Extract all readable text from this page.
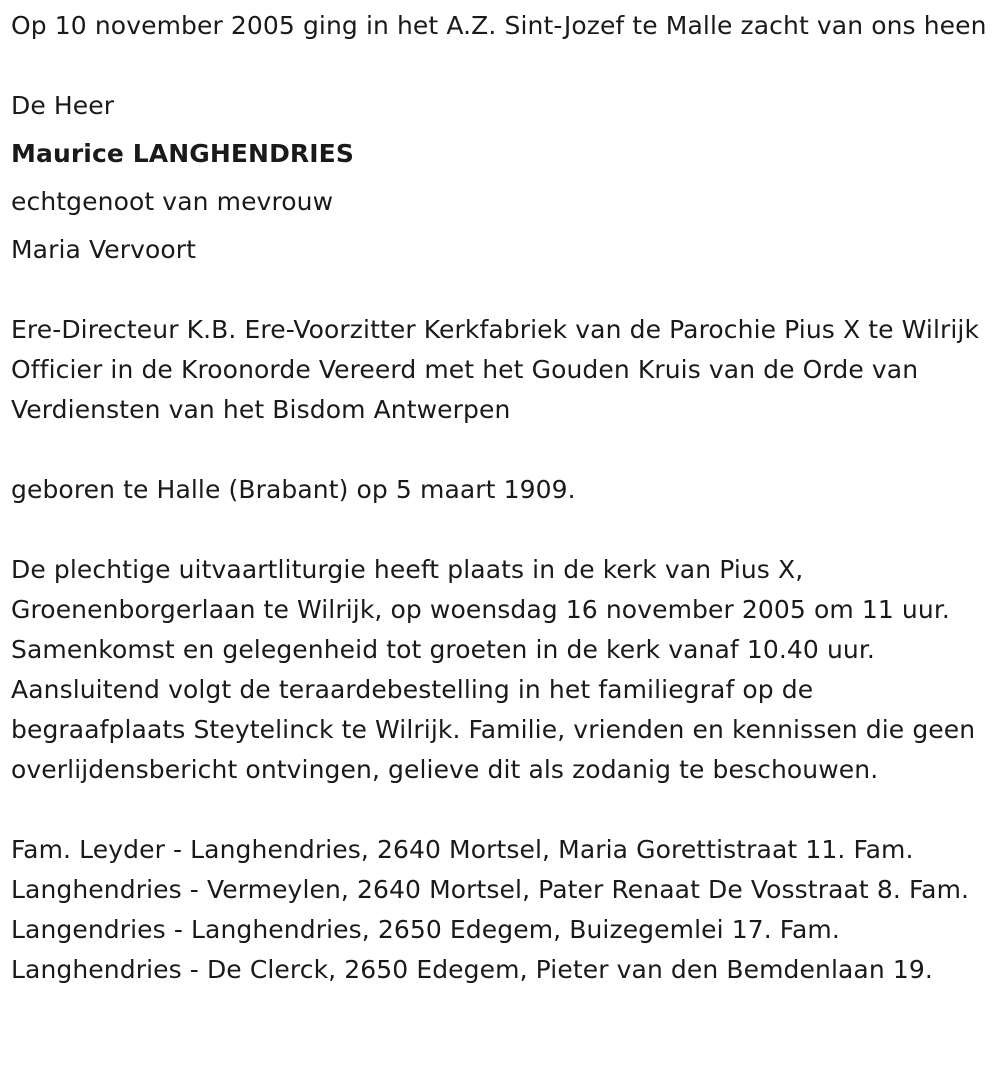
Op 10 november 2005 ging in het A.Z. Sint-Jozef te Malle zacht van ons heen

De Heer

Maurice LANGHENDRIES

echtgenoot van mevrouw

Maria Vervoort

Ere-Directeur K.B. Ere-Voorzitter Kerkfabriek van de Parochie Pius X te Wilrijk Officier in de Kroonorde Vereerd met het Gouden Kruis van de Orde van Verdiensten van het Bisdom Antwerpen

geboren te Halle (Brabant) op 5 maart 1909.

De plechtige uitvaartliturgie heeft plaats in de kerk van Pius X, Groenenborgerlaan te Wilrijk, op woensdag 16 november 2005 om 11 uur. Samenkomst en gelegenheid tot groeten in de kerk vanaf 10.40 uur. Aansluitend volgt de teraardebestelling in het familiegraf op de begraafplaats Steytelinck te Wilrijk. Familie, vrienden en kennissen die geen overlijdensbericht ontvingen, gelieve dit als zodanig te beschouwen.

Fam. Leyder - Langhendries, 2640 Mortsel, Maria Gorettistraat 11. Fam. Langhendries - Vermeylen, 2640 Mortsel, Pater Renaat De Vosstraat 8. Fam. Langendries - Langhendries, 2650 Edegem, Buizegemlei 17. Fam. Langhendries - De Clerck, 2650 Edegem, Pieter van den Bemdenlaan 19.
